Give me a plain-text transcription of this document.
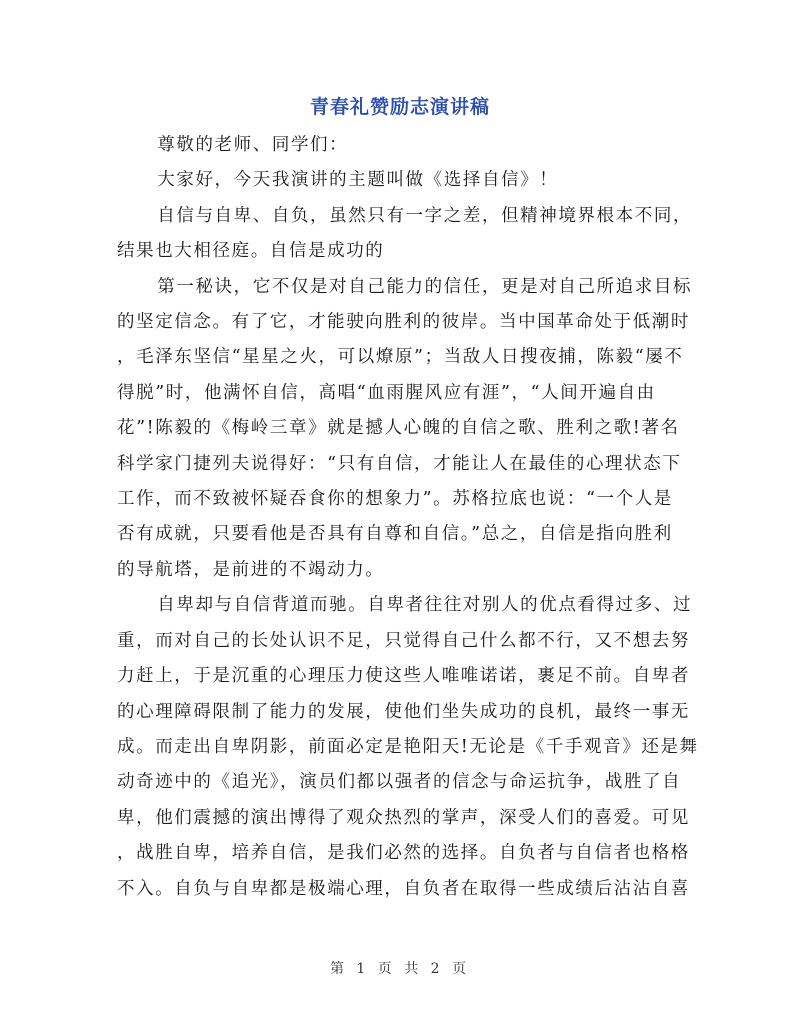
青春礼赞励志演讲稿
尊敬的老师、同学们：
大家好，今天我演讲的主题叫做《选择自信》！
自信与自卑、自负，虽然只有一字之差，但精神境界根本不同，
结果也大相径庭。自信是成功的
第一秘诀，它不仅是对自己能力的信任，更是对自己所追求目标
的坚定信念。有了它，才能驶向胜利的彼岸。当中国革命处于低潮时
，毛泽东坚信“星星之火，可以燎原”；当敌人日搜夜捕，陈毅“屡不
得脱”时，他满怀自信，高唱“血雨腥风应有涯”，“人间开遍自由
花”!陈毅的《梅岭三章》就是撼人心魄的自信之歌、胜利之歌!著名
科学家门捷列夫说得好：“只有自信，才能让人在最佳的心理状态下
工作，而不致被怀疑吞食你的想象力”。苏格拉底也说：“一个人是
否有成就，只要看他是否具有自尊和自信。”总之，自信是指向胜利
的导航塔，是前进的不竭动力。
自卑却与自信背道而驰。自卑者往往对别人的优点看得过多、过
重，而对自己的长处认识不足，只觉得自己什么都不行，又不想去努
力赶上，于是沉重的心理压力使这些人唯唯诺诺，裹足不前。自卑者
的心理障碍限制了能力的发展，使他们坐失成功的良机，最终一事无
成。而走出自卑阴影，前面必定是艳阳天!无论是《千手观音》还是舞
动奇迹中的《追光》，演员们都以强者的信念与命运抗争，战胜了自
卑，他们震撼的演出博得了观众热烈的掌声，深受人们的喜爱。可见
，战胜自卑，培养自信，是我们必然的选择。自负者与自信者也格格
不入。自负与自卑都是极端心理，自负者在取得一些成绩后沾沾自喜
第 1 页 共 2 页
